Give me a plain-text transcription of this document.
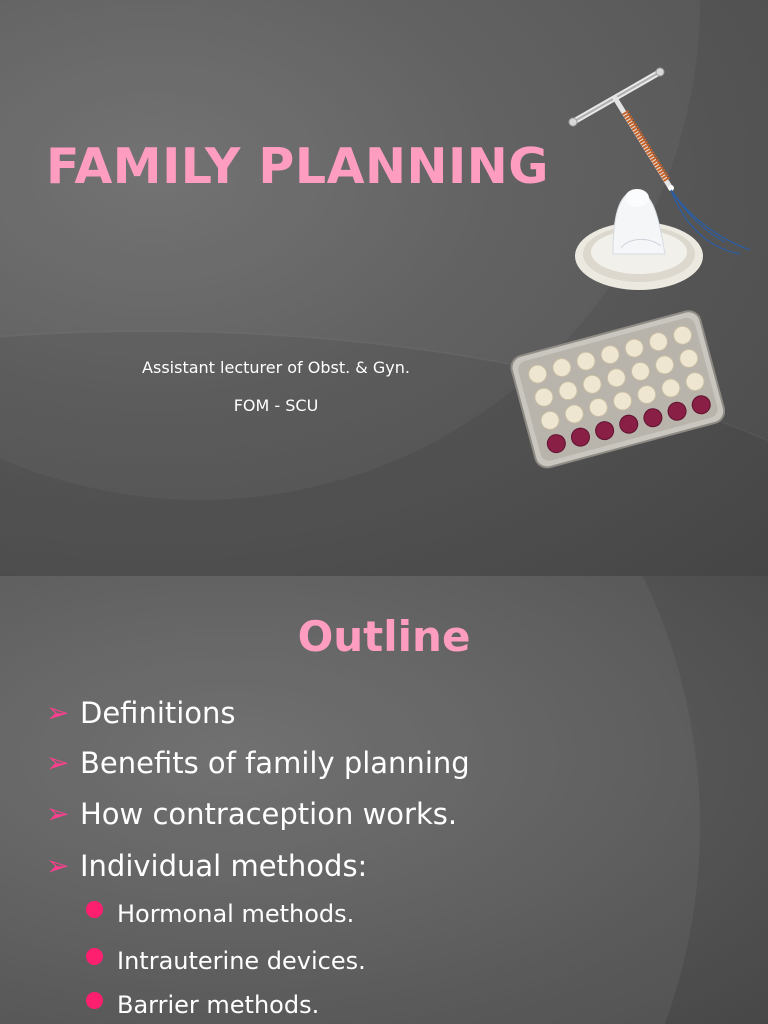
FAMILY PLANNING
Assistant lecturer of Obst. & Gyn.
FOM - SCU
Outline
➢ Definitions
➢ Benefits of family planning
➢ How contraception works.
➢ Individual methods:
Hormonal methods.
Intrauterine devices.
Barrier methods.
